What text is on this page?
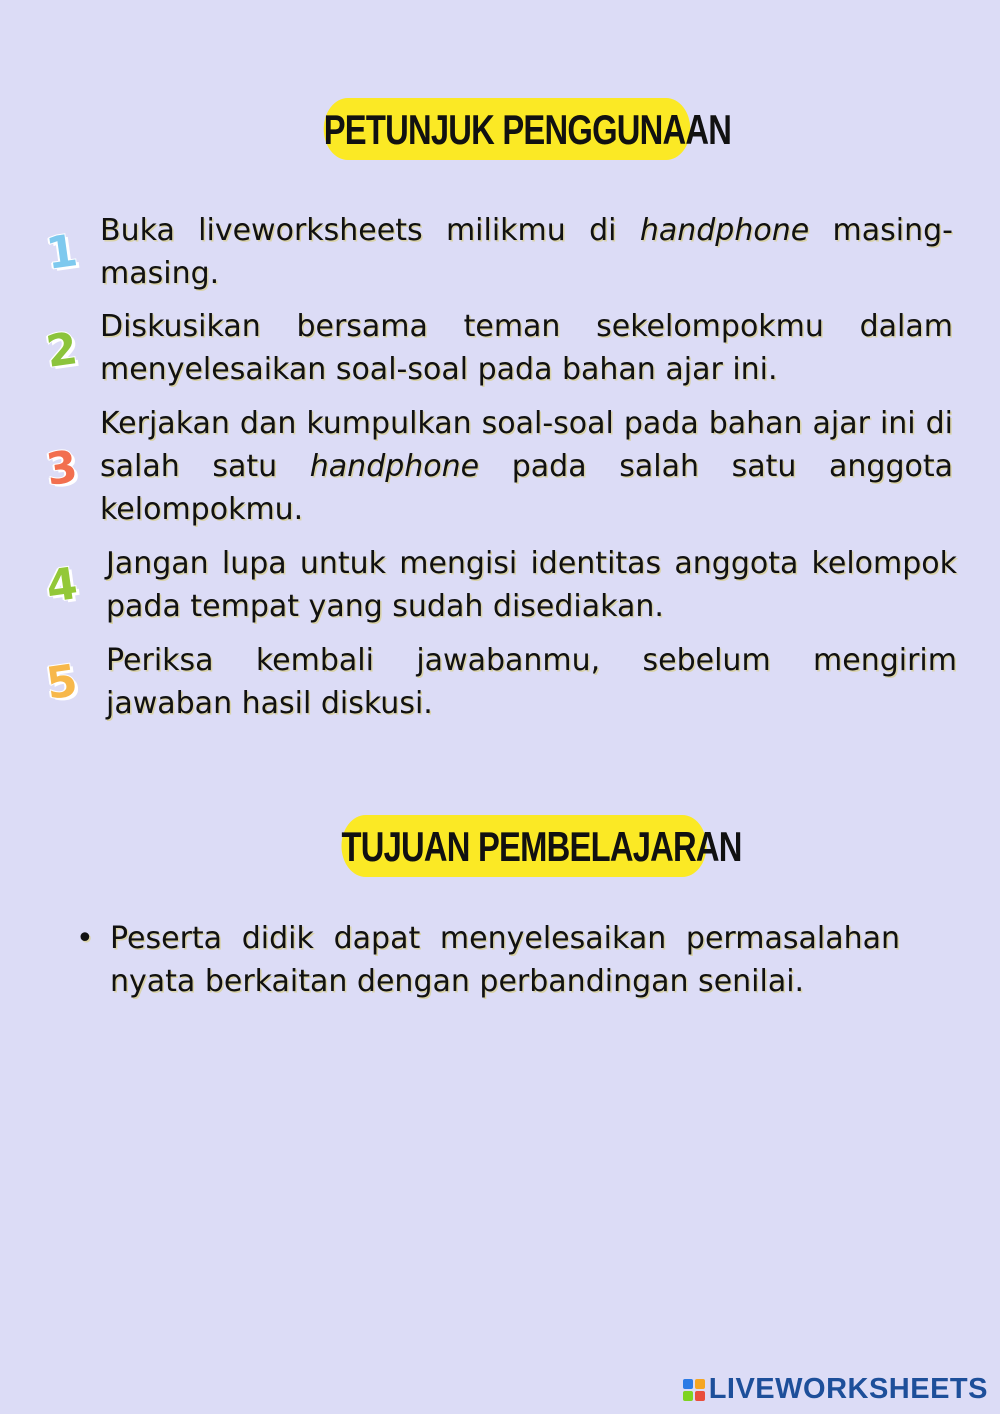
PETUNJUK PENGGUNAAN
1 Buka liveworksheets milikmu di handphone masing-masing.
2 Diskusikan bersama teman sekelompokmu dalam menyelesaikan soal-soal pada bahan ajar ini.
3
Kerjakan dan kumpulkan soal-soal pada bahan ajar ini di salah satu handphone pada salah satu anggota kelompokmu.
4 Jangan lupa untuk mengisi identitas anggota kelompok pada tempat yang sudah disediakan.
5 Periksa kembali jawabanmu, sebelum mengirim jawaban hasil diskusi.
TUJUAN PEMBELAJARAN
• Peserta didik dapat menyelesaikan permasalahan nyata berkaitan dengan perbandingan senilai.
LIVEWORKSHEETS
